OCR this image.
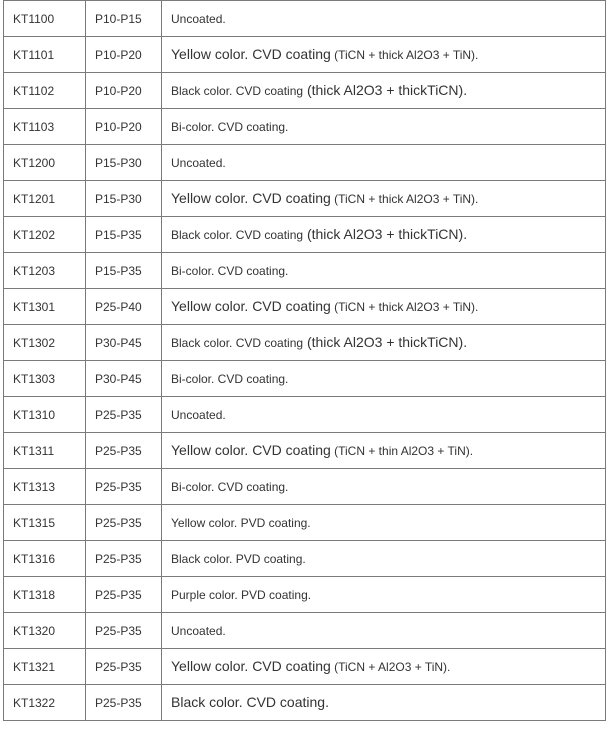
KT1100	P10-P15	Uncoated.
KT1101	P10-P20	Yellow color. CVD coating (TiCN + thick Al2O3 + TiN).
KT1102	P10-P20	Black color. CVD coating (thick Al2O3 + thickTiCN).
KT1103	P10-P20	Bi-color. CVD coating.
KT1200	P15-P30	Uncoated.
KT1201	P15-P30	Yellow color. CVD coating (TiCN + thick Al2O3 + TiN).
KT1202	P15-P35	Black color. CVD coating (thick Al2O3 + thickTiCN).
KT1203	P15-P35	Bi-color. CVD coating.
KT1301	P25-P40	Yellow color. CVD coating (TiCN + thick Al2O3 + TiN).
KT1302	P30-P45	Black color. CVD coating (thick Al2O3 + thickTiCN).
KT1303	P30-P45	Bi-color. CVD coating.
KT1310	P25-P35	Uncoated.
KT1311	P25-P35	Yellow color. CVD coating (TiCN + thin Al2O3 + TiN).
KT1313	P25-P35	Bi-color. CVD coating.
KT1315	P25-P35	Yellow color. PVD coating.
KT1316	P25-P35	Black color. PVD coating.
KT1318	P25-P35	Purple color. PVD coating.
KT1320	P25-P35	Uncoated.
KT1321	P25-P35	Yellow color. CVD coating (TiCN + Al2O3 + TiN).
KT1322	P25-P35	Black color. CVD coating.
